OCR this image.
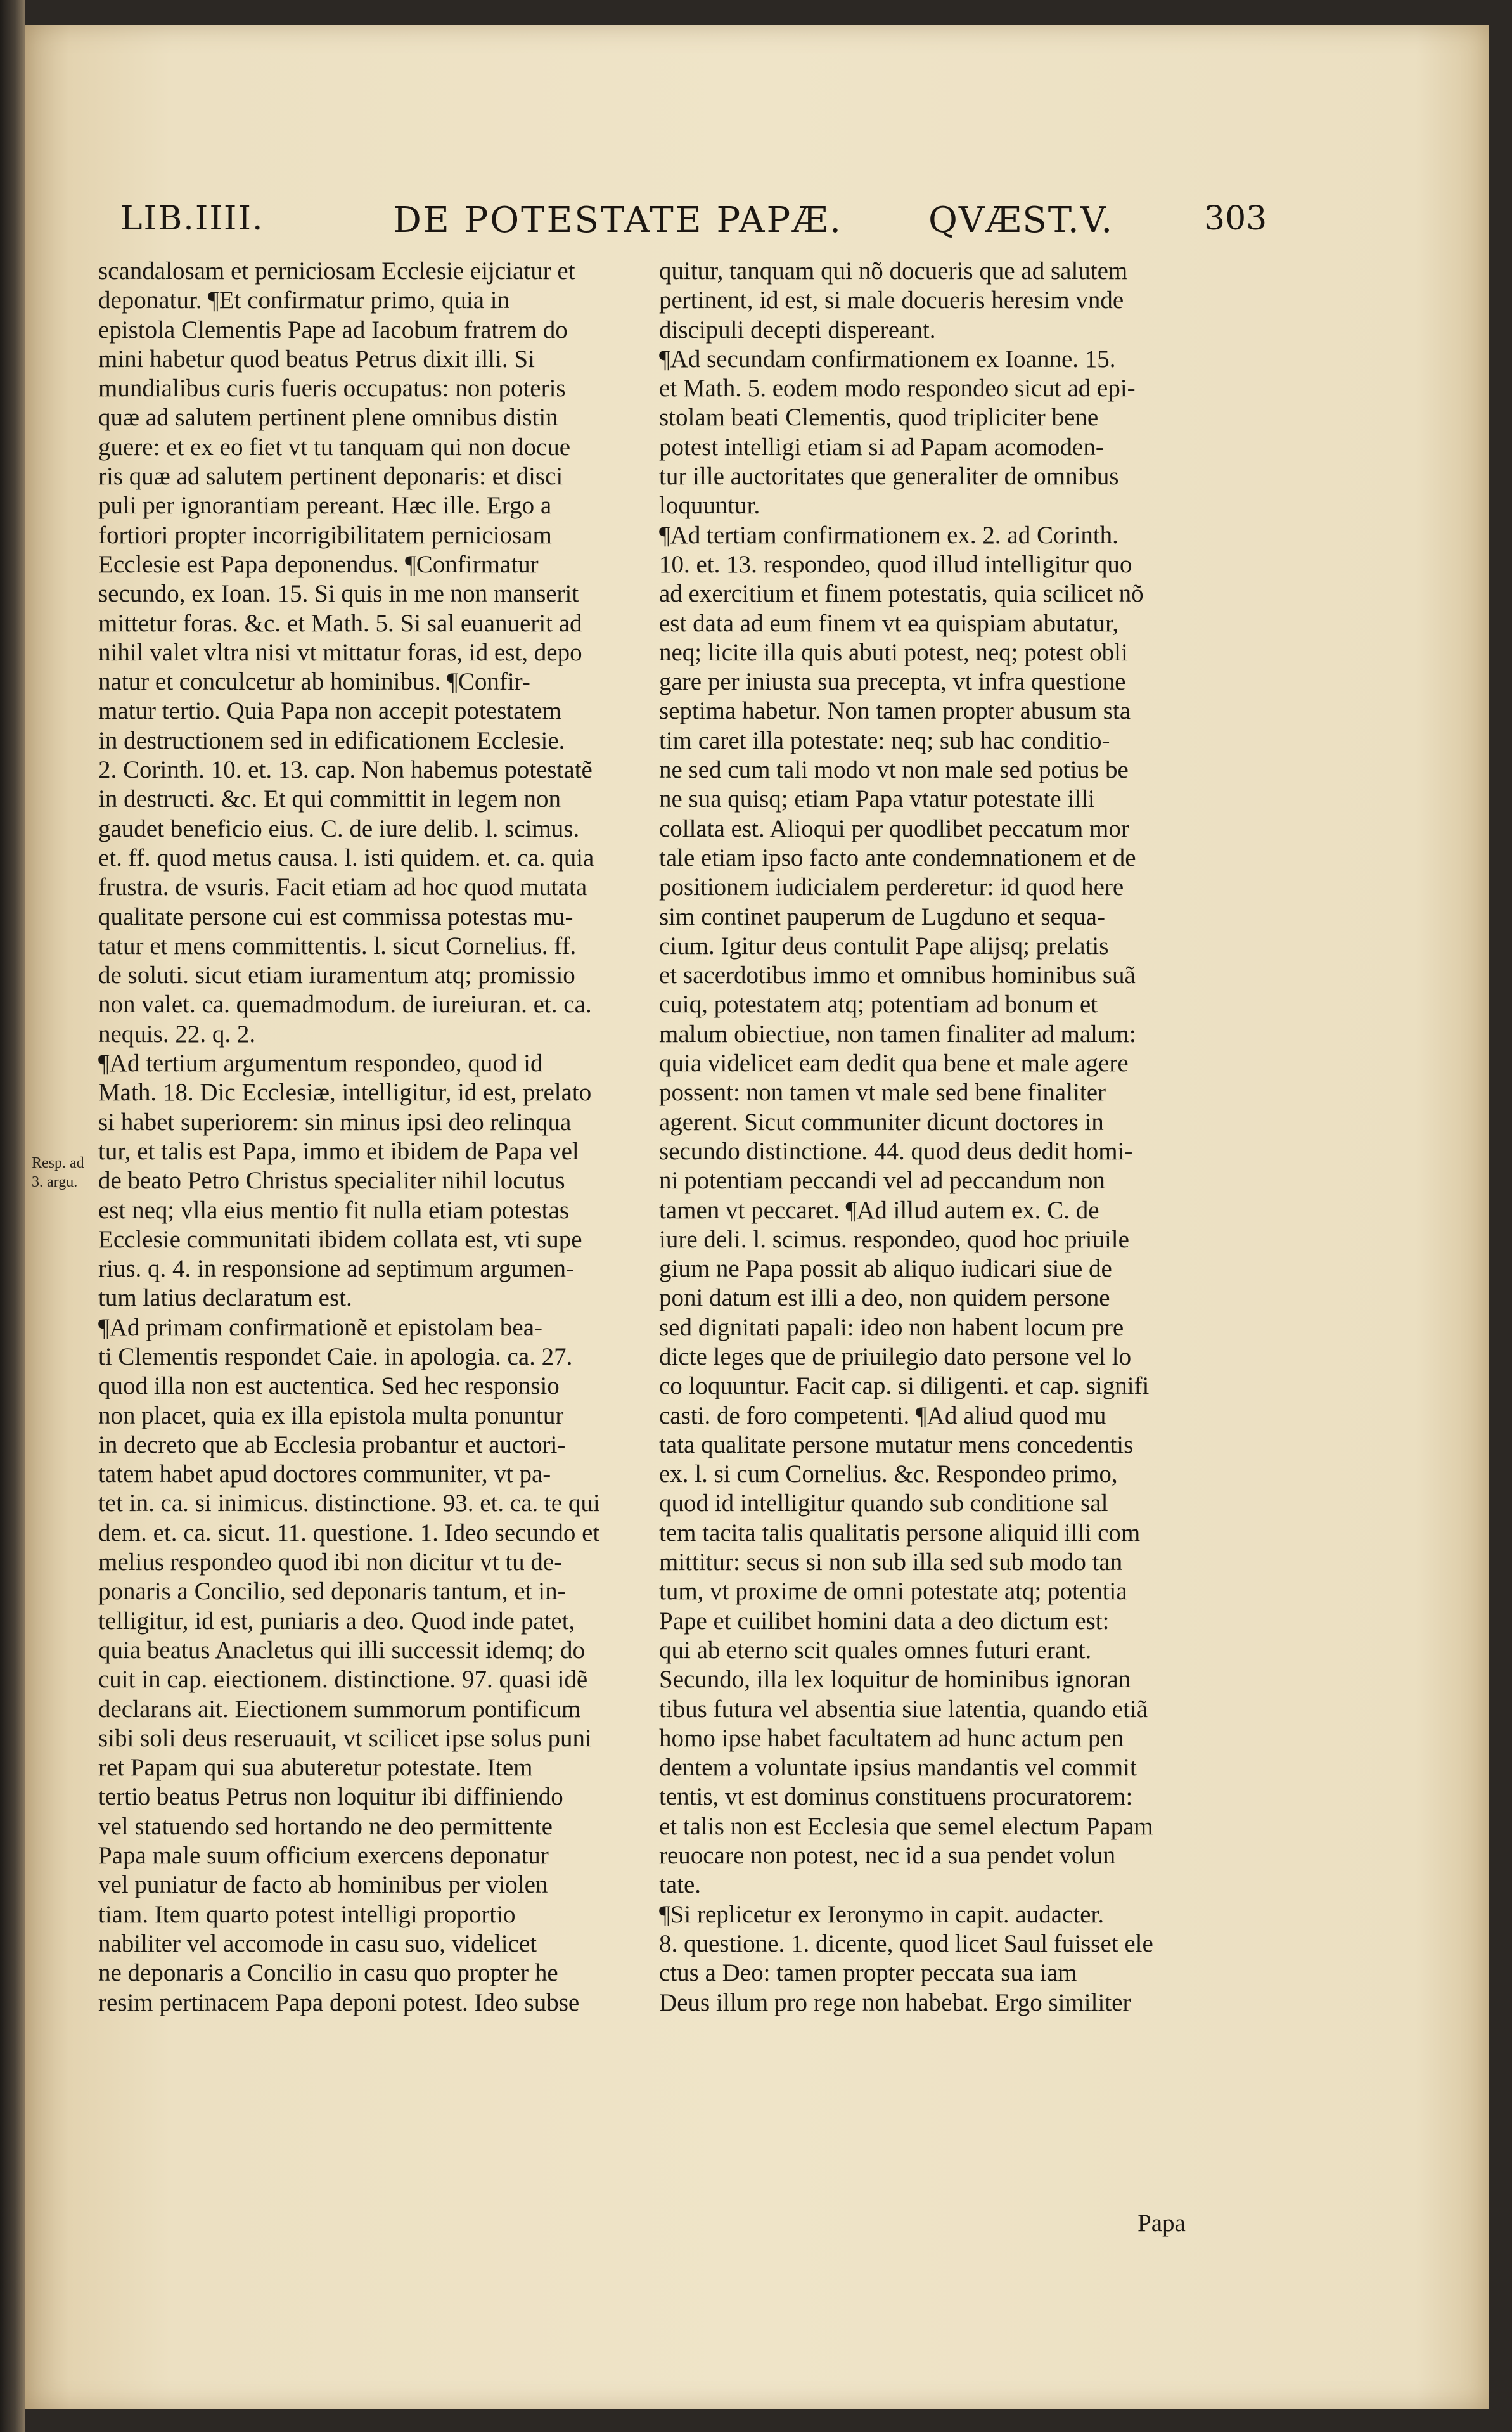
LIB.IIII.	DE POTESTATE PAPÆ. QVÆST.V.	303
Resp. ad
3. argu.
scandalosam et perniciosam Ecclesie eijciatur et
deponatur. ¶Et confirmatur primo, quia in
epistola Clementis Pape ad Iacobum fratrem do
mini habetur quod beatus Petrus dixit illi. Si
mundialibus curis fueris occupatus: non poteris
quæ ad salutem pertinent plene omnibus distin
guere: et ex eo fiet vt tu tanquam qui non docue
ris quæ ad salutem pertinent deponaris: et disci
puli per ignorantiam pereant. Hæc ille. Ergo a
fortiori propter incorrigibilitatem perniciosam
Ecclesie est Papa deponendus. ¶Confirmatur
secundo, ex Ioan. 15. Si quis in me non manserit
mittetur foras. &c. et Math. 5. Si sal euanuerit ad
nihil valet vltra nisi vt mittatur foras, id est, depo
natur et conculcetur ab hominibus. ¶Confir-
matur tertio. Quia Papa non accepit potestatem
in destructionem sed in edificationem Ecclesie.
2. Corinth. 10. et. 13. cap. Non habemus potestatẽ
in destructi. &c. Et qui committit in legem non
gaudet beneficio eius. C. de iure delib. l. scimus.
et. ff. quod metus causa. l. isti quidem. et. ca. quia
frustra. de vsuris. Facit etiam ad hoc quod mutata
qualitate persone cui est commissa potestas mu-
tatur et mens committentis. l. sicut Cornelius. ff.
de soluti. sicut etiam iuramentum atq; promissio
non valet. ca. quemadmodum. de iureiuran. et. ca.
nequis. 22. q. 2.
¶Ad tertium argumentum respondeo, quod id
Math. 18. Dic Ecclesiæ, intelligitur, id est, prelato
si habet superiorem: sin minus ipsi deo relinqua
tur, et talis est Papa, immo et ibidem de Papa vel
de beato Petro Christus specialiter nihil locutus
est neq; vlla eius mentio fit nulla etiam potestas
Ecclesie communitati ibidem collata est, vti supe
rius. q. 4. in responsione ad septimum argumen-
tum latius declaratum est.
¶Ad primam confirmationẽ et epistolam bea-
ti Clementis respondet Caie. in apologia. ca. 27.
quod illa non est auctentica. Sed hec responsio
non placet, quia ex illa epistola multa ponuntur
in decreto que ab Ecclesia probantur et auctori-
tatem habet apud doctores communiter, vt pa-
tet in. ca. si inimicus. distinctione. 93. et. ca. te qui
dem. et. ca. sicut. 11. questione. 1. Ideo secundo et
melius respondeo quod ibi non dicitur vt tu de-
ponaris a Concilio, sed deponaris tantum, et in-
telligitur, id est, puniaris a deo. Quod inde patet,
quia beatus Anacletus qui illi successit idemq; do
cuit in cap. eiectionem. distinctione. 97. quasi idẽ
declarans ait. Eiectionem summorum pontificum
sibi soli deus reseruauit, vt scilicet ipse solus puni
ret Papam qui sua abuteretur potestate. Item
tertio beatus Petrus non loquitur ibi diffiniendo
vel statuendo sed hortando ne deo permittente
Papa male suum officium exercens deponatur
vel puniatur de facto ab hominibus per violen
tiam. Item quarto potest intelligi proportio
nabiliter vel accomode in casu suo, videlicet
ne deponaris a Concilio in casu quo propter he
resim pertinacem Papa deponi potest. Ideo subse
quitur, tanquam qui nõ docueris que ad salutem
pertinent, id est, si male docueris heresim vnde
discipuli decepti dispereant.
¶Ad secundam confirmationem ex Ioanne. 15.
et Math. 5. eodem modo respondeo sicut ad epi-
stolam beati Clementis, quod tripliciter bene
potest intelligi etiam si ad Papam acomoden-
tur ille auctoritates que generaliter de omnibus
loquuntur.
¶Ad tertiam confirmationem ex. 2. ad Corinth.
10. et. 13. respondeo, quod illud intelligitur quo
ad exercitium et finem potestatis, quia scilicet nõ
est data ad eum finem vt ea quispiam abutatur,
neq; licite illa quis abuti potest, neq; potest obli
gare per iniusta sua precepta, vt infra questione
septima habetur. Non tamen propter abusum sta
tim caret illa potestate: neq; sub hac conditio-
ne sed cum tali modo vt non male sed potius be
ne sua quisq; etiam Papa vtatur potestate illi
collata est. Alioqui per quodlibet peccatum mor
tale etiam ipso facto ante condemnationem et de
positionem iudicialem perderetur: id quod here
sim continet pauperum de Lugduno et sequa-
cium. Igitur deus contulit Pape alijsq; prelatis
et sacerdotibus immo et omnibus hominibus suã
cuiq, potestatem atq; potentiam ad bonum et
malum obiectiue, non tamen finaliter ad malum:
quia videlicet eam dedit qua bene et male agere
possent: non tamen vt male sed bene finaliter
agerent. Sicut communiter dicunt doctores in
secundo distinctione. 44. quod deus dedit homi-
ni potentiam peccandi vel ad peccandum non
tamen vt peccaret. ¶Ad illud autem ex. C. de
iure deli. l. scimus. respondeo, quod hoc priuile
gium ne Papa possit ab aliquo iudicari siue de
poni datum est illi a deo, non quidem persone
sed dignitati papali: ideo non habent locum pre
dicte leges que de priuilegio dato persone vel lo
co loquuntur. Facit cap. si diligenti. et cap. signifi
casti. de foro competenti. ¶Ad aliud quod mu
tata qualitate persone mutatur mens concedentis
ex. l. si cum Cornelius. &c. Respondeo primo,
quod id intelligitur quando sub conditione sal
tem tacita talis qualitatis persone aliquid illi com
mittitur: secus si non sub illa sed sub modo tan
tum, vt proxime de omni potestate atq; potentia
Pape et cuilibet homini data a deo dictum est:
qui ab eterno scit quales omnes futuri erant.
Secundo, illa lex loquitur de hominibus ignoran
tibus futura vel absentia siue latentia, quando etiã
homo ipse habet facultatem ad hunc actum pen
dentem a voluntate ipsius mandantis vel commit
tentis, vt est dominus constituens procuratorem:
et talis non est Ecclesia que semel electum Papam
reuocare non potest, nec id a sua pendet volun
tate.
¶Si replicetur ex Ieronymo in capit. audacter.
8. questione. 1. dicente, quod licet Saul fuisset ele
ctus a Deo: tamen propter peccata sua iam
Deus illum pro rege non habebat. Ergo similiter
Papa
